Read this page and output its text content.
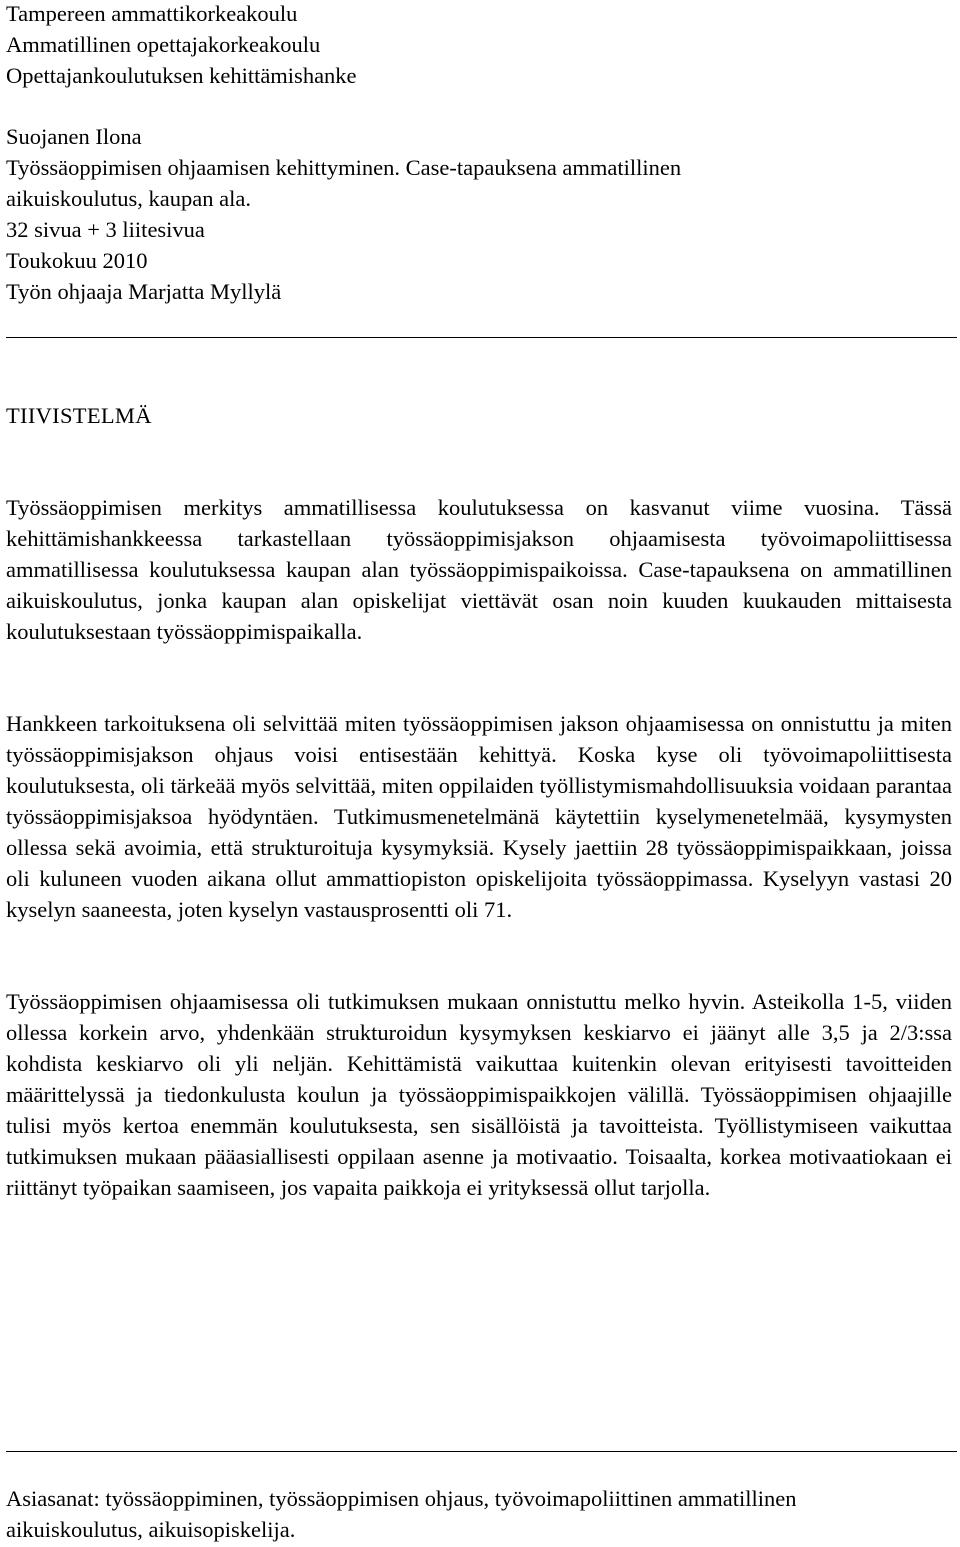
Tampereen ammattikorkeakoulu
Ammatillinen opettajakorkeakoulu
Opettajankoulutuksen kehittämishanke
Suojanen Ilona
Työssäoppimisen ohjaamisen kehittyminen. Case-tapauksena ammatillinen
aikuiskoulutus, kaupan ala.
32 sivua + 3 liitesivua
Toukokuu 2010
Työn ohjaaja Marjatta Myllylä
TIIVISTELMÄ

Työssäoppimisen merkitys ammatillisessa koulutuksessa on kasvanut viime vuosina. Tässä kehittämishankkeessa tarkastellaan työssäoppimisjakson ohjaamisesta työvoimapoliittisessa ammatillisessa koulutuksessa kaupan alan työssäoppimispaikoissa. Case-tapauksena on ammatillinen aikuiskoulutus, jonka kaupan alan opiskelijat viettävät osan noin kuuden kuukauden mittaisesta koulutuksestaan työssäoppimispaikalla.

Hankkeen tarkoituksena oli selvittää miten työssäoppimisen jakson ohjaamisessa on onnistuttu ja miten työssäoppimisjakson ohjaus voisi entisestään kehittyä. Koska kyse oli työvoimapoliittisesta koulutuksesta, oli tärkeää myös selvittää, miten oppilaiden työllistymismahdollisuuksia voidaan parantaa työssäoppimisjaksoa hyödyntäen. Tutkimusmenetelmänä käytettiin kyselymenetelmää, kysymysten ollessa sekä avoimia, että strukturoituja kysymyksiä. Kysely jaettiin 28 työssäoppimispaikkaan, joissa oli kuluneen vuoden aikana ollut ammattiopiston opiskelijoita työssäoppimassa. Kyselyyn vastasi 20 kyselyn saaneesta, joten kyselyn vastausprosentti oli 71.

Työssäoppimisen ohjaamisessa oli tutkimuksen mukaan onnistuttu melko hyvin. Asteikolla 1-5, viiden ollessa korkein arvo, yhdenkään strukturoidun kysymyksen keskiarvo ei jäänyt alle 3,5 ja 2/3:ssa kohdista keskiarvo oli yli neljän. Kehittämistä vaikuttaa kuitenkin olevan erityisesti tavoitteiden määrittelyssä ja tiedonkulusta koulun ja työssäoppimispaikkojen välillä. Työssäoppimisen ohjaajille tulisi myös kertoa enemmän koulutuksesta, sen sisällöistä ja tavoitteista. Työllistymiseen vaikuttaa tutkimuksen mukaan pääasiallisesti oppilaan asenne ja motivaatio. Toisaalta, korkea motivaatiokaan ei riittänyt työpaikan saamiseen, jos vapaita paikkoja ei yrityksessä ollut tarjolla.

Asiasanat: työssäoppiminen, työssäoppimisen ohjaus, työvoimapoliittinen ammatillinen
aikuiskoulutus, aikuisopiskelija.
